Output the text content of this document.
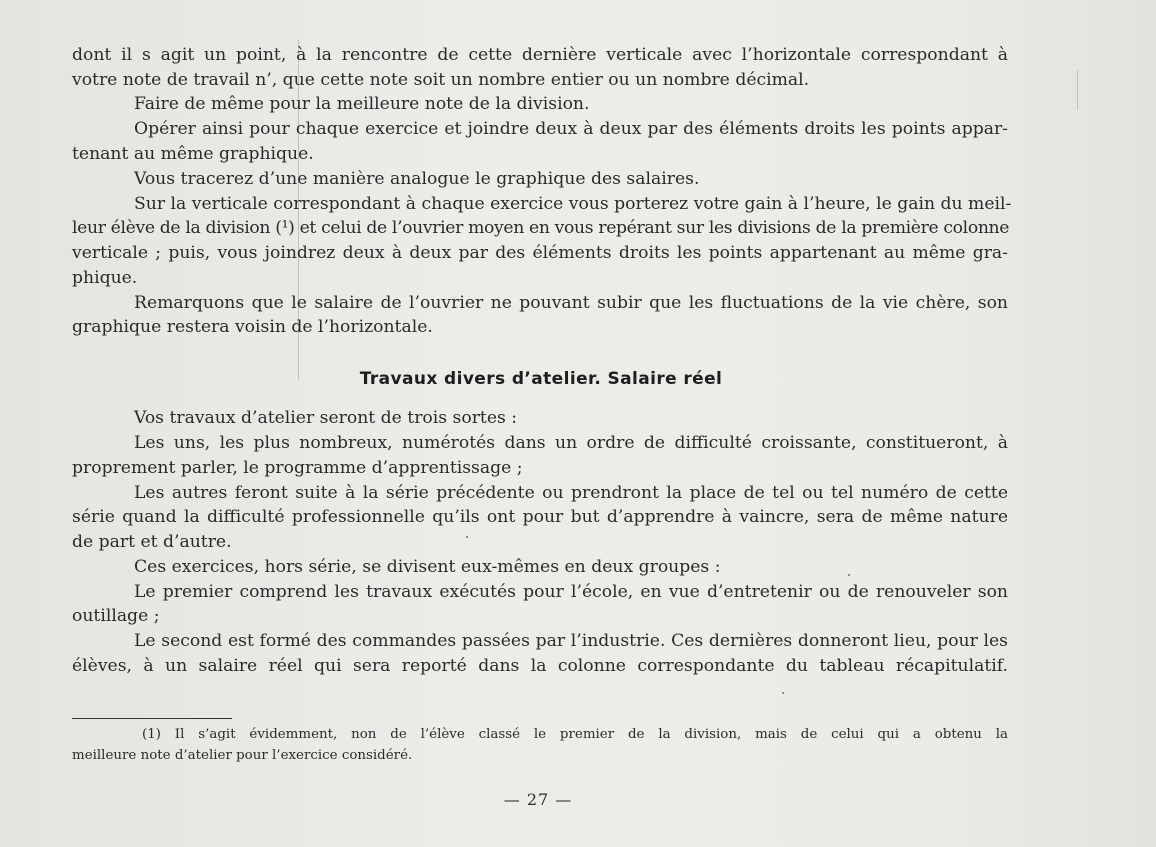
dont il s agit un point, à la rencontre de cette dernière verticale avec l’horizontale correspondant à
votre note de travail n’, que cette note soit un nombre entier ou un nombre décimal.
Faire de même pour la meilleure note de la division.
Opérer ainsi pour chaque exercice et joindre deux à deux par des éléments droits les points appar-
tenant au même graphique.
Vous tracerez d’une manière analogue le graphique des salaires.
Sur la verticale correspondant à chaque exercice vous porterez votre gain à l’heure, le gain du meil-
leur élève de la division (¹) et celui de l’ouvrier moyen en vous repérant sur les divisions de la première colonne
verticale ; puis, vous joindrez deux à deux par des éléments droits les points appartenant au même gra-
phique.
Remarquons que le salaire de l’ouvrier ne pouvant subir que les fluctuations de la vie chère, son
graphique restera voisin de l’horizontale.
Travaux divers d’atelier. Salaire réel
Vos travaux d’atelier seront de trois sortes :
Les uns, les plus nombreux, numérotés dans un ordre de difficulté croissante, constitueront, à
proprement parler, le programme d’apprentissage ;
Les autres feront suite à la série précédente ou prendront la place de tel ou tel numéro de cette
série quand la difficulté professionnelle qu’ils ont pour but d’apprendre à vaincre, sera de même nature
de part et d’autre.
Ces exercices, hors série, se divisent eux-mêmes en deux groupes :
Le premier comprend les travaux exécutés pour l’école, en vue d’entretenir ou de renouveler son
outillage ;
Le second est formé des commandes passées par l’industrie. Ces dernières donneront lieu, pour les
élèves, à un salaire réel qui sera reporté dans la colonne correspondante du tableau récapitulatif.
(1) Il s’agit évidemment, non de l’élève classé le premier de la division, mais de celui qui a obtenu la
meilleure note d’atelier pour l’exercice considéré.
— 27 —
